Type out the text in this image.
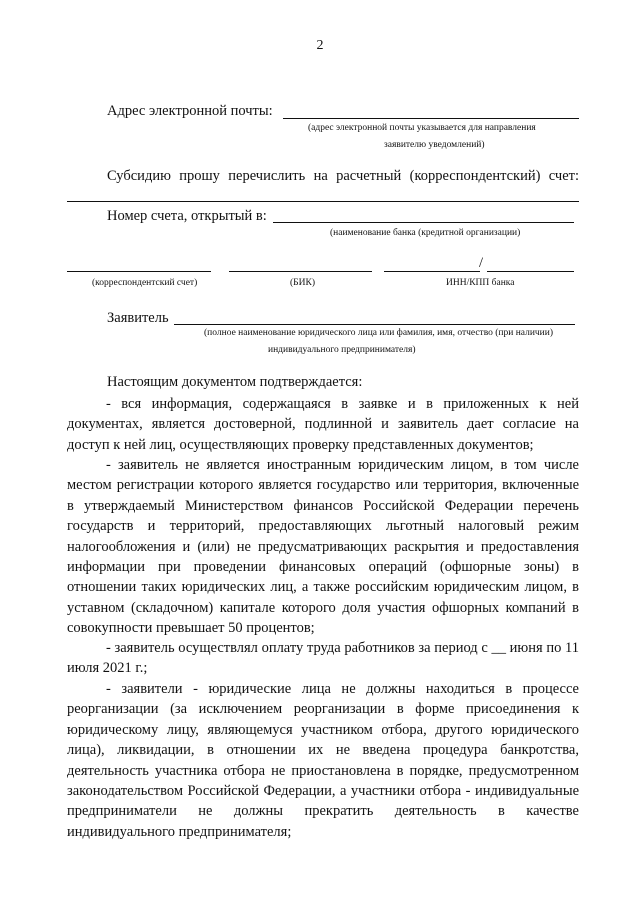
2
Адрес электронной почты:
(адрес электронной почты указывается для направления
заявителю уведомлений)
Субсидию прошу перечислить на расчетный (корреспондентский) счет:
Номер счета, открытый в:
(наименование банка (кредитной организации)
/
(корреспондентский счет)	(БИК)	ИНН/КПП банка
Заявитель
(полное наименование юридического лица или фамилия, имя, отчество (при наличии)
индивидуального предпринимателя)
Настоящим документом подтверждается:

- вся информация, содержащаяся в заявке и в приложенных к ней документах, является достоверной, подлинной и заявитель дает согласие на доступ к ней лиц, осуществляющих проверку представленных документов;

- заявитель не является иностранным юридическим лицом, в том числе местом регистрации которого является государство или территория, включенные в утверждаемый Министерством финансов Российской Федерации перечень государств и территорий, предоставляющих льготный налоговый режим налогообложения и (или) не предусматривающих раскрытия и предоставления информации при проведении финансовых операций (офшорные зоны) в отношении таких юридических лиц, а также российским юридическим лицом, в уставном (складочном) капитале которого доля участия офшорных компаний в совокупности превышает 50 процентов;

- заявитель осуществлял оплату труда работников за период с __ июня по 11 июля 2021 г.;

- заявители - юридические лица не должны находиться в процессе реорганизации (за исключением реорганизации в форме присоединения к юридическому лицу, являющемуся участником отбора, другого юридического лица), ликвидации, в отношении их не введена процедура банкротства, деятельность участника отбора не приостановлена в порядке, предусмотренном законодательством Российской Федерации, а участники отбора - индивидуальные предприниматели не должны прекратить деятельность в качестве индивидуального предпринимателя;
